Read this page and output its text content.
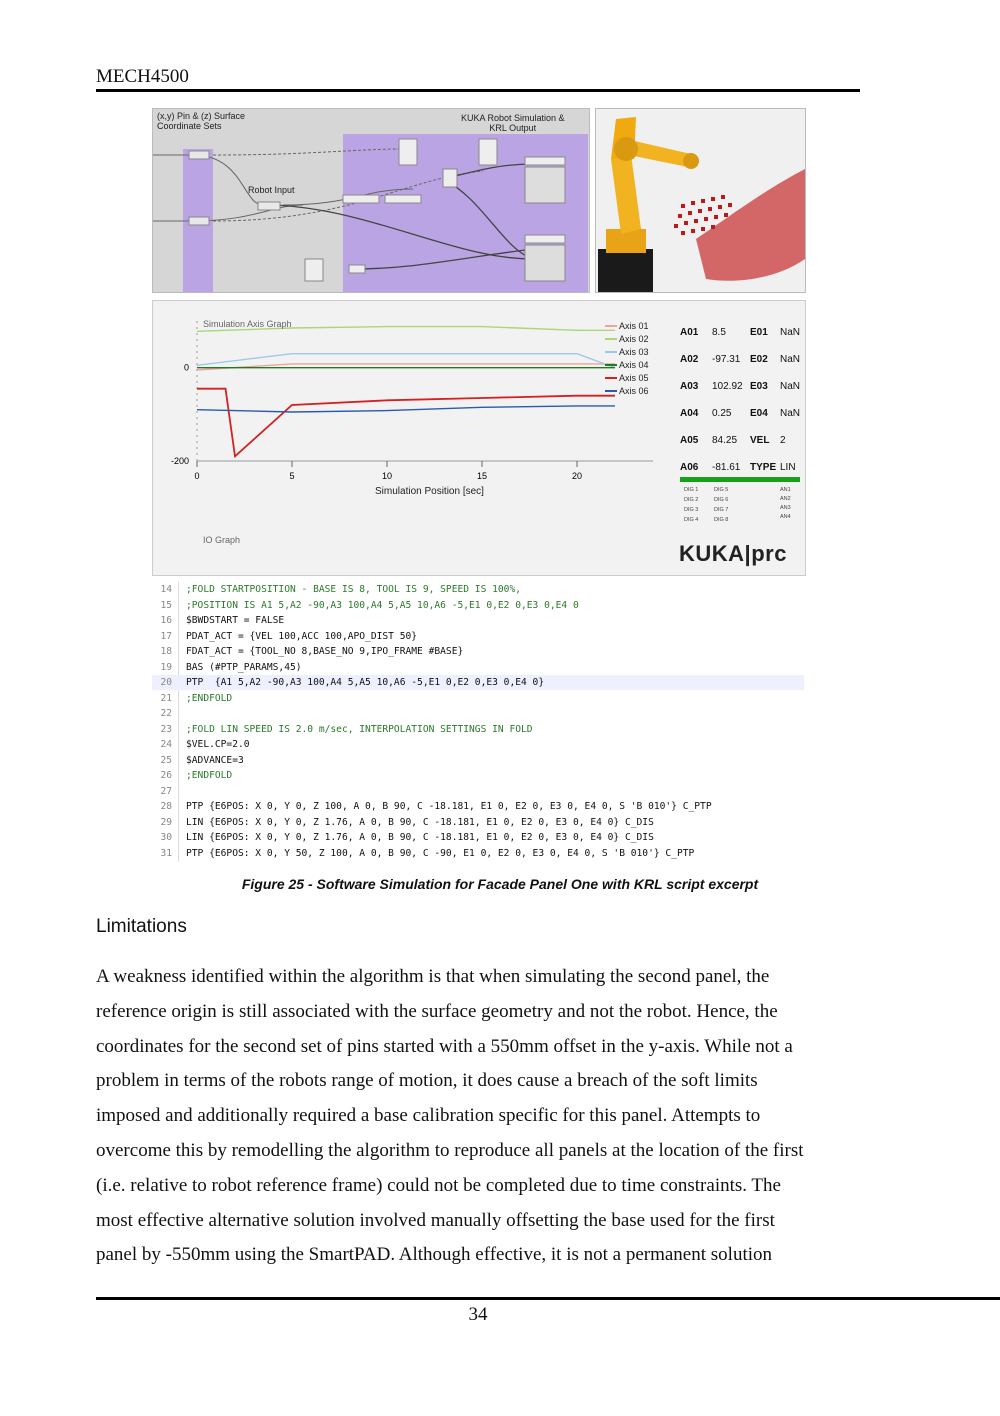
MECH4500
(x,y) Pin & (z) Surface
Coordinate Sets
KUKA Robot Simulation &
KRL Output
Robot Input
0
-200
0	5	10	15	20
Simulation Axis Graph
IO Graph
Simulation Position [sec]
Axis 01
Axis 02
Axis 03
Axis 04
Axis 05
Axis 06
A01 8.5 E01 NaN
A02 -97.31 E02 NaN
A03 102.92 E03 NaN
A04 0.25 E04 NaN
A05 84.25 VEL 2
A06 -81.61 TYPE LIN
DIG 1	DIG 5
DIG 2	DIG 6
DIG 3	DIG 7
DIG 4	DIG 8
AN1
AN2
AN3
AN4
KUKA|prc
14 ;FOLD STARTPOSITION - BASE IS 8, TOOL IS 9, SPEED IS 100%,
15 ;POSITION IS A1 5,A2 -90,A3 100,A4 5,A5 10,A6 -5,E1 0,E2 0,E3 0,E4 0
16 $BWDSTART = FALSE
17 PDAT_ACT = {VEL 100,ACC 100,APO_DIST 50}
18 FDAT_ACT = {TOOL_NO 8,BASE_NO 9,IPO_FRAME #BASE}
19 BAS (#PTP_PARAMS,45)
20 PTP  {A1 5,A2 -90,A3 100,A4 5,A5 10,A6 -5,E1 0,E2 0,E3 0,E4 0}
21 ;ENDFOLD
22
23 ;FOLD LIN SPEED IS 2.0 m/sec, INTERPOLATION SETTINGS IN FOLD
24 $VEL.CP=2.0
25 $ADVANCE=3
26 ;ENDFOLD
27
28 PTP {E6POS: X 0, Y 0, Z 100, A 0, B 90, C -18.181, E1 0, E2 0, E3 0, E4 0, S 'B 010'} C_PTP
29 LIN {E6POS: X 0, Y 0, Z 1.76, A 0, B 90, C -18.181, E1 0, E2 0, E3 0, E4 0} C_DIS
30 LIN {E6POS: X 0, Y 0, Z 1.76, A 0, B 90, C -18.181, E1 0, E2 0, E3 0, E4 0} C_DIS
31 PTP {E6POS: X 0, Y 50, Z 100, A 0, B 90, C -90, E1 0, E2 0, E3 0, E4 0, S 'B 010'} C_PTP
Figure 25 - Software Simulation for Facade Panel One with KRL script excerpt
Limitations
A weakness identified within the algorithm is that when simulating the second panel, the
reference origin is still associated with the surface geometry and not the robot. Hence, the
coordinates for the second set of pins started with a 550mm offset in the y-axis. While not a
problem in terms of the robots range of motion, it does cause a breach of the soft limits
imposed and additionally required a base calibration specific for this panel. Attempts to
overcome this by remodelling the algorithm to reproduce all panels at the location of the first
(i.e. relative to robot reference frame) could not be completed due to time constraints. The
most effective alternative solution involved manually offsetting the base used for the first
panel by -550mm using the SmartPAD. Although effective, it is not a permanent solution
34
